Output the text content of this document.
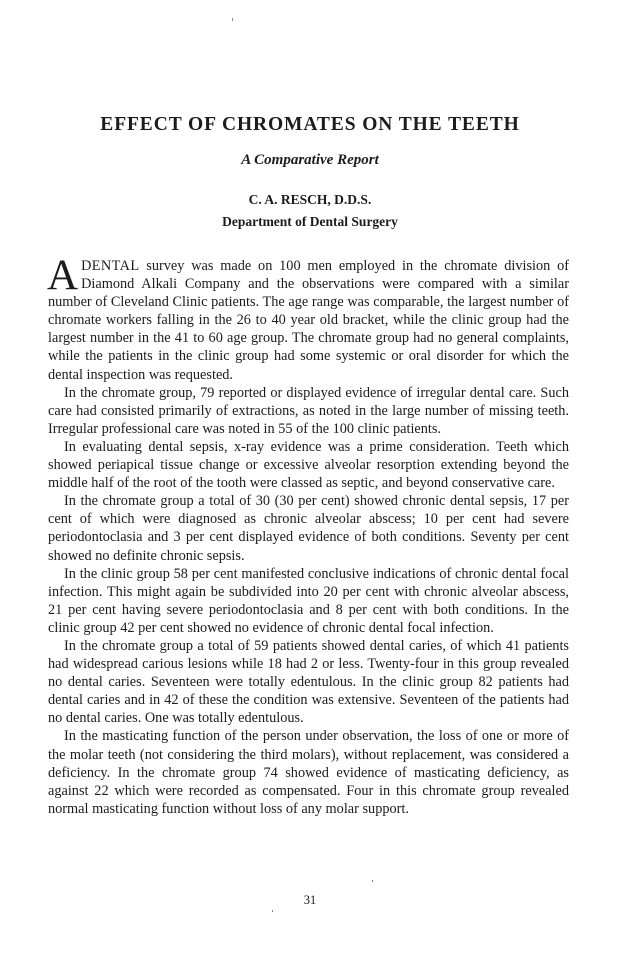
EFFECT OF CHROMATES ON THE TEETH
A Comparative Report
C. A. RESCH, D.D.S.
Department of Dental Surgery

ADENTAL survey was made on 100 men employed in the chromate division of Diamond Alkali Company and the observations were compared with a similar number of Cleveland Clinic patients. The age range was comparable, the largest number of chromate workers falling in the 26 to 40 year old bracket, while the clinic group had the largest number in the 41 to 60 age group. The chromate group had no general complaints, while the patients in the clinic group had some systemic or oral disorder for which the dental inspection was requested.

In the chromate group, 79 reported or displayed evidence of irregular dental care. Such care had consisted primarily of extractions, as noted in the large number of missing teeth. Irregular professional care was noted in 55 of the 100 clinic patients.

In evaluating dental sepsis, x-ray evidence was a prime consideration. Teeth which showed periapical tissue change or excessive alveolar resorption extending beyond the middle half of the root of the tooth were classed as septic, and beyond conservative care.

In the chromate group a total of 30 (30 per cent) showed chronic dental sepsis, 17 per cent of which were diagnosed as chronic alveolar abscess; 10 per cent had severe periodontoclasia and 3 per cent displayed evidence of both conditions. Seventy per cent showed no definite chronic sepsis.

In the clinic group 58 per cent manifested conclusive indications of chronic dental focal infection. This might again be subdivided into 20 per cent with chronic alveolar abscess, 21 per cent having severe periodontoclasia and 8 per cent with both conditions. In the clinic group 42 per cent showed no evidence of chronic dental focal infection.

In the chromate group a total of 59 patients showed dental caries, of which 41 patients had widespread carious lesions while 18 had 2 or less. Twenty-four in this group revealed no dental caries. Seventeen were totally edentulous. In the clinic group 82 patients had dental caries and in 42 of these the condition was extensive. Seventeen of the patients had no dental caries. One was totally edentulous.

In the masticating function of the person under observation, the loss of one or more of the molar teeth (not considering the third molars), without replacement, was considered a deficiency. In the chromate group 74 showed evidence of masticating deficiency, as against 22 which were recorded as compensated. Four in this chromate group revealed normal masticating function without loss of any molar support.

31
